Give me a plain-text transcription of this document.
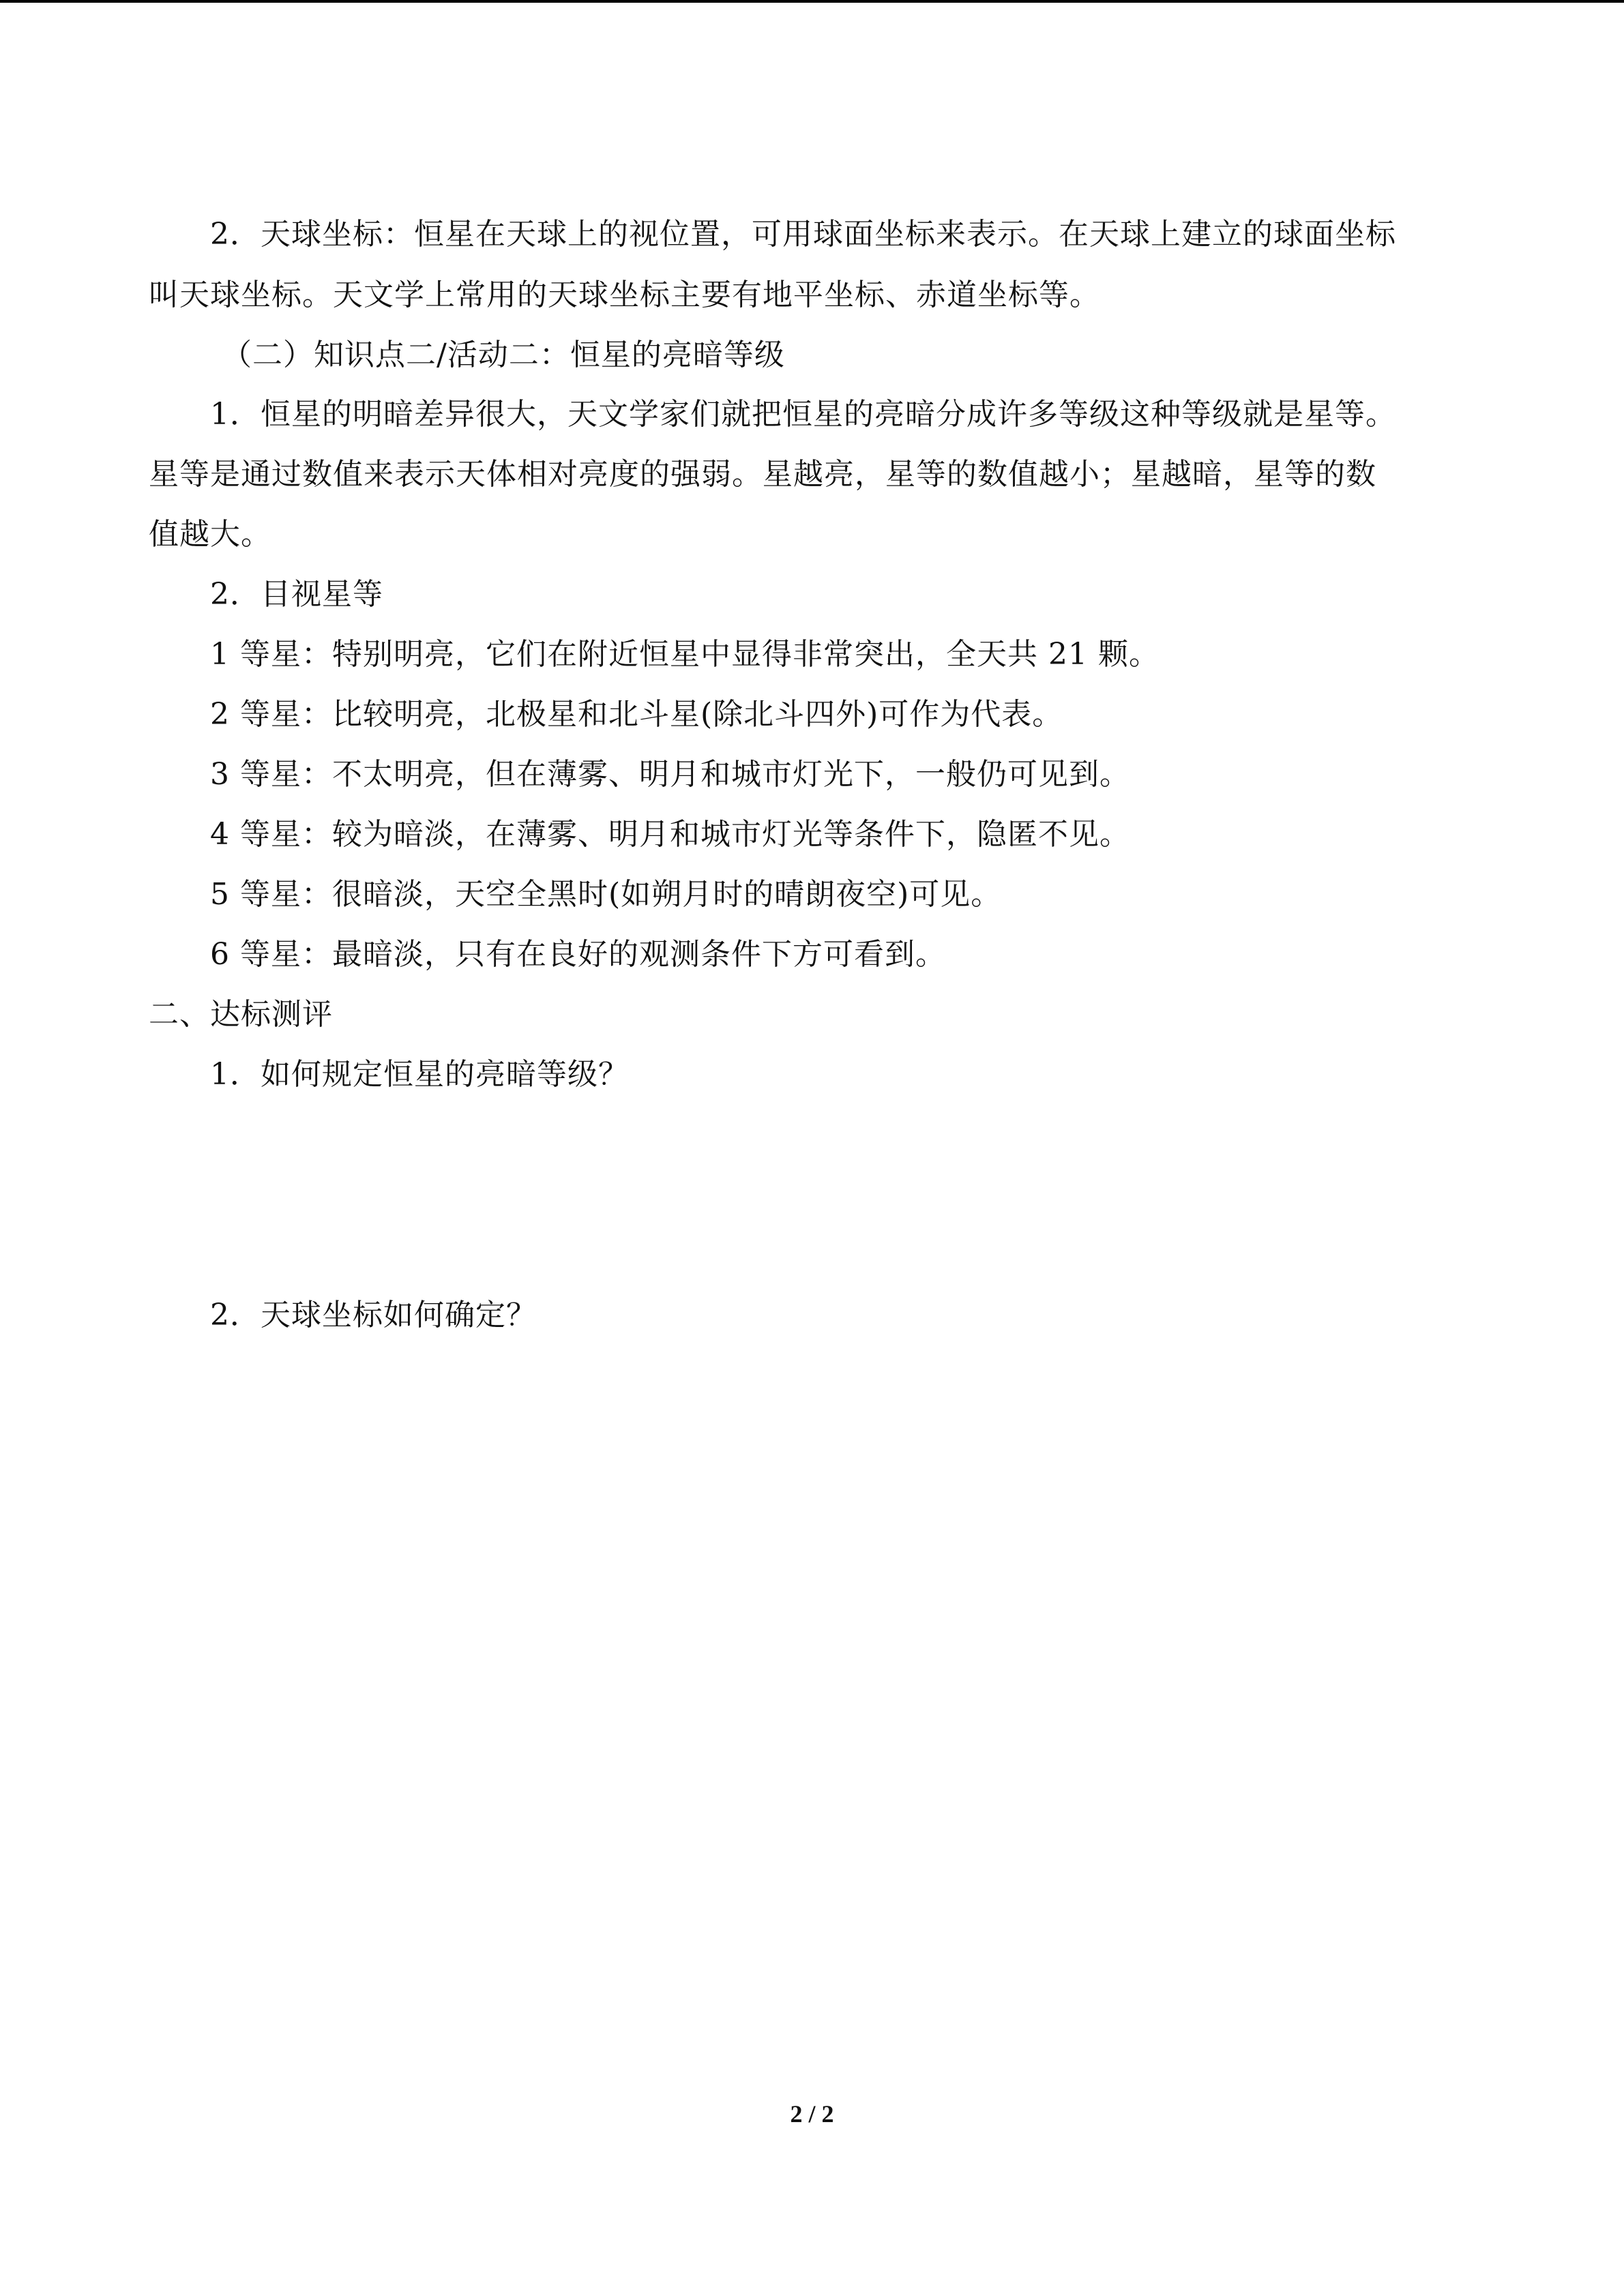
2．天球坐标：恒星在天球上的视位置，可用球面坐标来表示。在天球上建立的球面坐标
叫天球坐标。天文学上常用的天球坐标主要有地平坐标、赤道坐标等。
（二）知识点二/活动二：恒星的亮暗等级
1．恒星的明暗差异很大，天文学家们就把恒星的亮暗分成许多等级这种等级就是星等。
星等是通过数值来表示天体相对亮度的强弱。星越亮，星等的数值越小；星越暗，星等的数
值越大。
2．目视星等
1 等星：特别明亮，它们在附近恒星中显得非常突出，全天共 21 颗。
2 等星：比较明亮，北极星和北斗星(除北斗四外)可作为代表。
3 等星：不太明亮，但在薄雾、明月和城市灯光下，一般仍可见到。
4 等星：较为暗淡，在薄雾、明月和城市灯光等条件下，隐匿不见。
5 等星：很暗淡，天空全黑时(如朔月时的晴朗夜空)可见。
6 等星：最暗淡，只有在良好的观测条件下方可看到。
二、达标测评
1．如何规定恒星的亮暗等级？
2．天球坐标如何确定？
2 / 2
